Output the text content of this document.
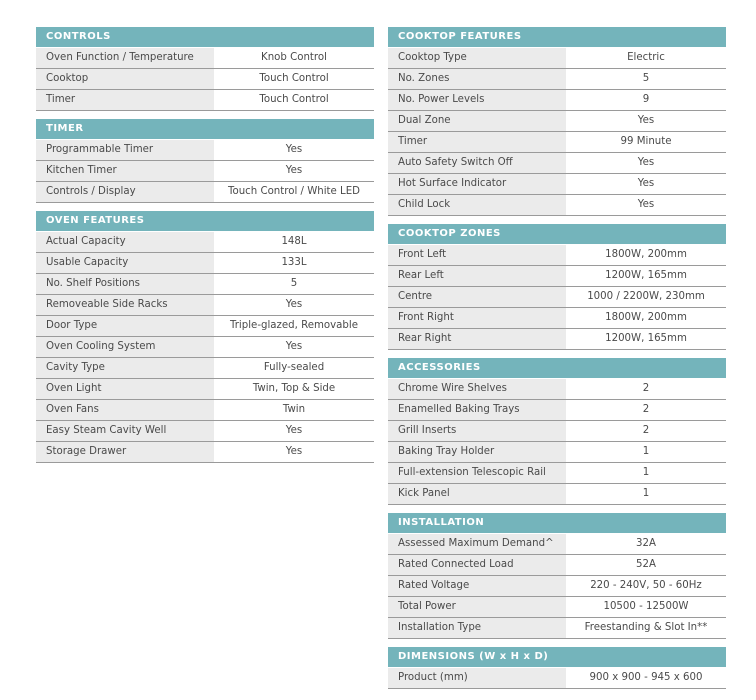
CONTROLS
Oven Function / Temperature	Knob Control
Cooktop	Touch Control
Timer	Touch Control
TIMER
Programmable Timer	Yes
Kitchen Timer	Yes
Controls / Display	Touch Control / White LED
OVEN FEATURES
Actual Capacity	148L
Usable Capacity	133L
No. Shelf Positions	5
Removeable Side Racks	Yes
Door Type	Triple-glazed, Removable
Oven Cooling System	Yes
Cavity Type	Fully-sealed
Oven Light	Twin, Top & Side
Oven Fans	Twin
Easy Steam Cavity Well	Yes
Storage Drawer	Yes
COOKTOP FEATURES
Cooktop Type	Electric
No. Zones	5
No. Power Levels	9
Dual Zone	Yes
Timer	99 Minute
Auto Safety Switch Off	Yes
Hot Surface Indicator	Yes
Child Lock	Yes
COOKTOP ZONES
Front Left	1800W, 200mm
Rear Left	1200W, 165mm
Centre	1000 / 2200W, 230mm
Front Right	1800W, 200mm
Rear Right	1200W, 165mm
ACCESSORIES
Chrome Wire Shelves	2
Enamelled Baking Trays	2
Grill Inserts	2
Baking Tray Holder	1
Full-extension Telescopic Rail	1
Kick Panel	1
INSTALLATION
Assessed Maximum Demand^	32A
Rated Connected Load	52A
Rated Voltage	220 - 240V, 50 - 60Hz
Total Power	10500 - 12500W
Installation Type	Freestanding & Slot In**
DIMENSIONS (W x H x D)
Product (mm)	900 x 900 - 945 x 600
